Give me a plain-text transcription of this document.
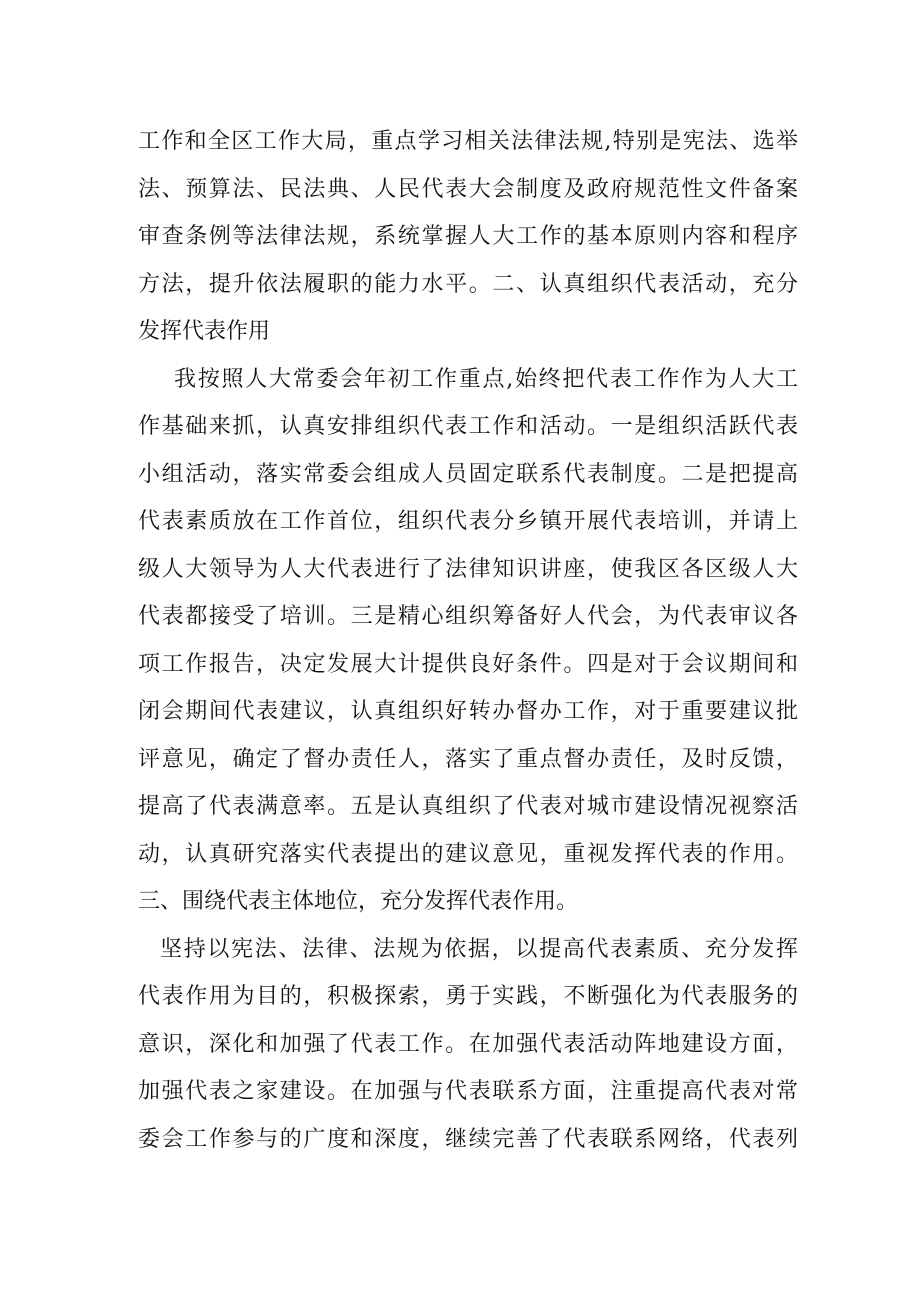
工作和全区工作大局，重点学习相关法律法规,特别是宪法、选举
法、预算法、民法典、人民代表大会制度及政府规范性文件备案
审查条例等法律法规，系统掌握人大工作的基本原则内容和程序
方法，提升依法履职的能力水平。二、认真组织代表活动，充分
发挥代表作用
我按照人大常委会年初工作重点,始终把代表工作作为人大工
作基础来抓，认真安排组织代表工作和活动。一是组织活跃代表
小组活动，落实常委会组成人员固定联系代表制度。二是把提高
代表素质放在工作首位，组织代表分乡镇开展代表培训，并请上
级人大领导为人大代表进行了法律知识讲座，使我区各区级人大
代表都接受了培训。三是精心组织筹备好人代会，为代表审议各
项工作报告，决定发展大计提供良好条件。四是对于会议期间和
闭会期间代表建议，认真组织好转办督办工作，对于重要建议批
评意见，确定了督办责任人，落实了重点督办责任，及时反馈，
提高了代表满意率。五是认真组织了代表对城市建设情况视察活
动，认真研究落实代表提出的建议意见，重视发挥代表的作用。
三、围绕代表主体地位，充分发挥代表作用。
坚持以宪法、法律、法规为依据，以提高代表素质、充分发挥
代表作用为目的，积极探索，勇于实践，不断强化为代表服务的
意识，深化和加强了代表工作。在加强代表活动阵地建设方面，
加强代表之家建设。在加强与代表联系方面，注重提高代表对常
委会工作参与的广度和深度，继续完善了代表联系网络，代表列
